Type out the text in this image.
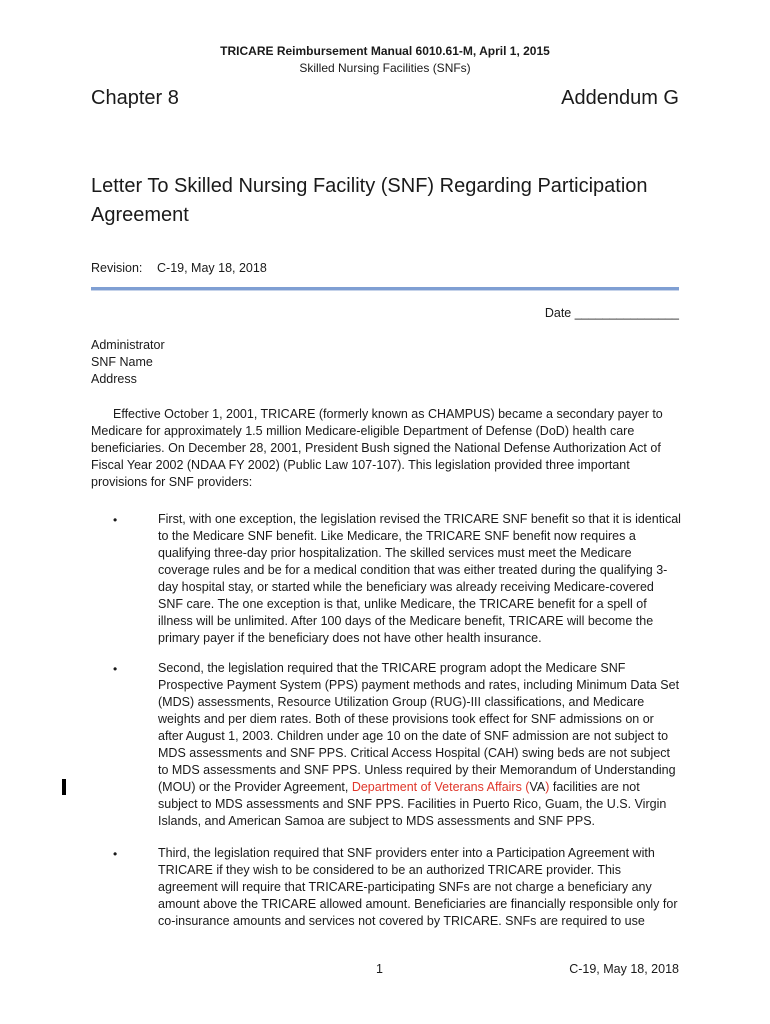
TRICARE Reimbursement Manual 6010.61-M, April 1, 2015
Skilled Nursing Facilities (SNFs)
Chapter 8	Addendum G
Letter To Skilled Nursing Facility (SNF) Regarding Participation Agreement
Revision: C-19, May 18, 2018
Date _______________
Administrator
SNF Name
Address

Effective October 1, 2001, TRICARE (formerly known as CHAMPUS) became a secondary payer to Medicare for approximately 1.5 million Medicare-eligible Department of Defense (DoD) health care beneficiaries. On December 28, 2001, President Bush signed the National Defense Authorization Act of Fiscal Year 2002 (NDAA FY 2002) (Public Law 107-107). This legislation provided three important provisions for SNF providers:

•	First, with one exception, the legislation revised the TRICARE SNF benefit so that it is identical to the Medicare SNF benefit. Like Medicare, the TRICARE SNF benefit now requires a qualifying three-day prior hospitalization. The skilled services must meet the Medicare coverage rules and be for a medical condition that was either treated during the qualifying 3-day hospital stay, or started while the beneficiary was already receiving Medicare-covered SNF care. The one exception is that, unlike Medicare, the TRICARE benefit for a spell of illness will be unlimited. After 100 days of the Medicare benefit, TRICARE will become the primary payer if the beneficiary does not have other health insurance.

•	Second, the legislation required that the TRICARE program adopt the Medicare SNF Prospective Payment System (PPS) payment methods and rates, including Minimum Data Set (MDS) assessments, Resource Utilization Group (RUG)-III classifications, and Medicare weights and per diem rates. Both of these provisions took effect for SNF admissions on or after August 1, 2003. Children under age 10 on the date of SNF admission are not subject to MDS assessments and SNF PPS. Critical Access Hospital (CAH) swing beds are not subject to MDS assessments and SNF PPS. Unless required by their Memorandum of Understanding (MOU) or the Provider Agreement, Department of Veterans Affairs (VA) facilities are not subject to MDS assessments and SNF PPS. Facilities in Puerto Rico, Guam, the U.S. Virgin Islands, and American Samoa are subject to MDS assessments and SNF PPS.

•	Third, the legislation required that SNF providers enter into a Participation Agreement with TRICARE if they wish to be considered to be an authorized TRICARE provider. This agreement will require that TRICARE-participating SNFs are not charge a beneficiary any amount above the TRICARE allowed amount. Beneficiaries are financially responsible only for co-insurance amounts and services not covered by TRICARE. SNFs are required to use

1	C-19, May 18, 2018
